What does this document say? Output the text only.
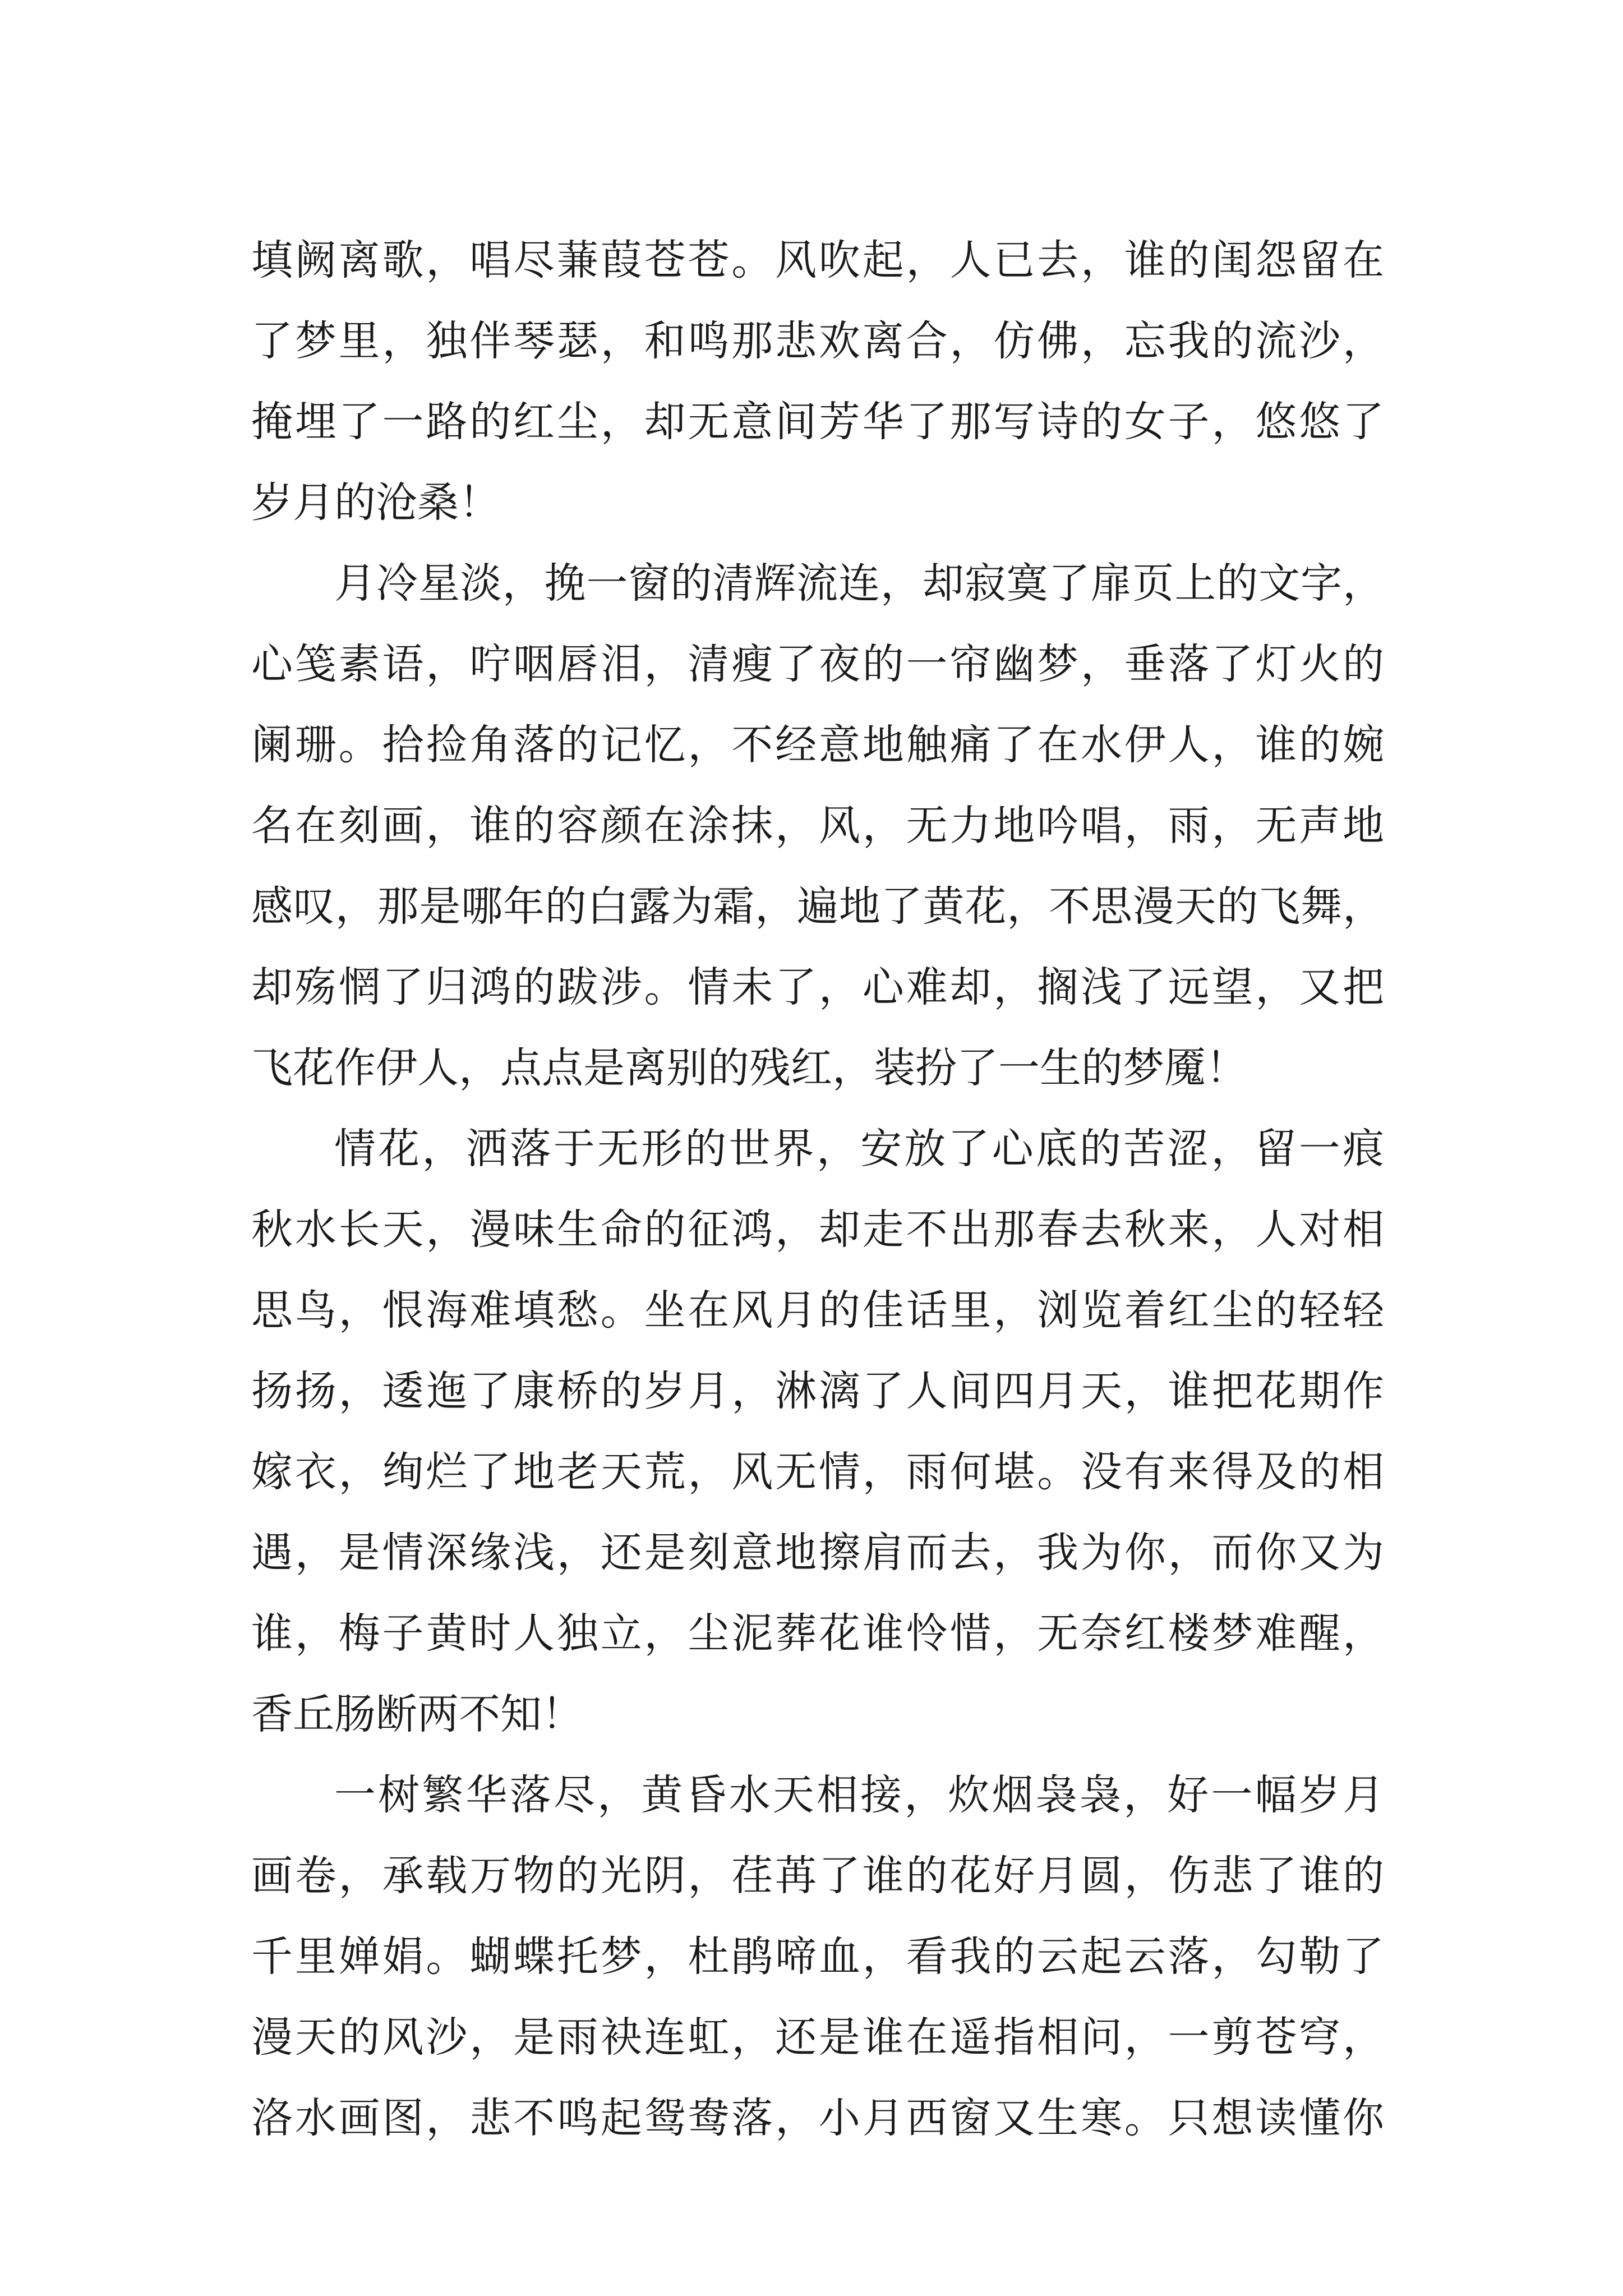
填阙离歌，唱尽蒹葭苍苍。风吹起，人已去，谁的闺怨留在
了梦里，独伴琴瑟，和鸣那悲欢离合，仿佛，忘我的流沙，
掩埋了一路的红尘，却无意间芳华了那写诗的女子，悠悠了
岁月的沧桑！
月冷星淡，挽一窗的清辉流连，却寂寞了扉页上的文字，
心笺素语，咛咽唇泪，清瘦了夜的一帘幽梦，垂落了灯火的
阑珊。拾捡角落的记忆，不经意地触痛了在水伊人，谁的婉
名在刻画，谁的容颜在涂抹，风，无力地吟唱，雨，无声地
感叹，那是哪年的白露为霜，遍地了黄花，不思漫天的飞舞，
却殇惘了归鸿的跋涉。情未了，心难却，搁浅了远望，又把
飞花作伊人，点点是离别的残红，装扮了一生的梦魇！
情花，洒落于无形的世界，安放了心底的苦涩，留一痕
秋水长天，漫味生命的征鸿，却走不出那春去秋来，人对相
思鸟，恨海难填愁。坐在风月的佳话里，浏览着红尘的轻轻
扬扬，逶迤了康桥的岁月，淋漓了人间四月天，谁把花期作
嫁衣，绚烂了地老天荒，风无情，雨何堪。没有来得及的相
遇，是情深缘浅，还是刻意地擦肩而去，我为你，而你又为
谁，梅子黄时人独立，尘泥葬花谁怜惜，无奈红楼梦难醒，
香丘肠断两不知！
一树繁华落尽，黄昏水天相接，炊烟袅袅，好一幅岁月
画卷，承载万物的光阴，荏苒了谁的花好月圆，伤悲了谁的
千里婵娟。蝴蝶托梦，杜鹃啼血，看我的云起云落，勾勒了
漫天的风沙，是雨袂连虹，还是谁在遥指相问，一剪苍穹，
洛水画图，悲不鸣起鸳鸯落，小月西窗又生寒。只想读懂你
